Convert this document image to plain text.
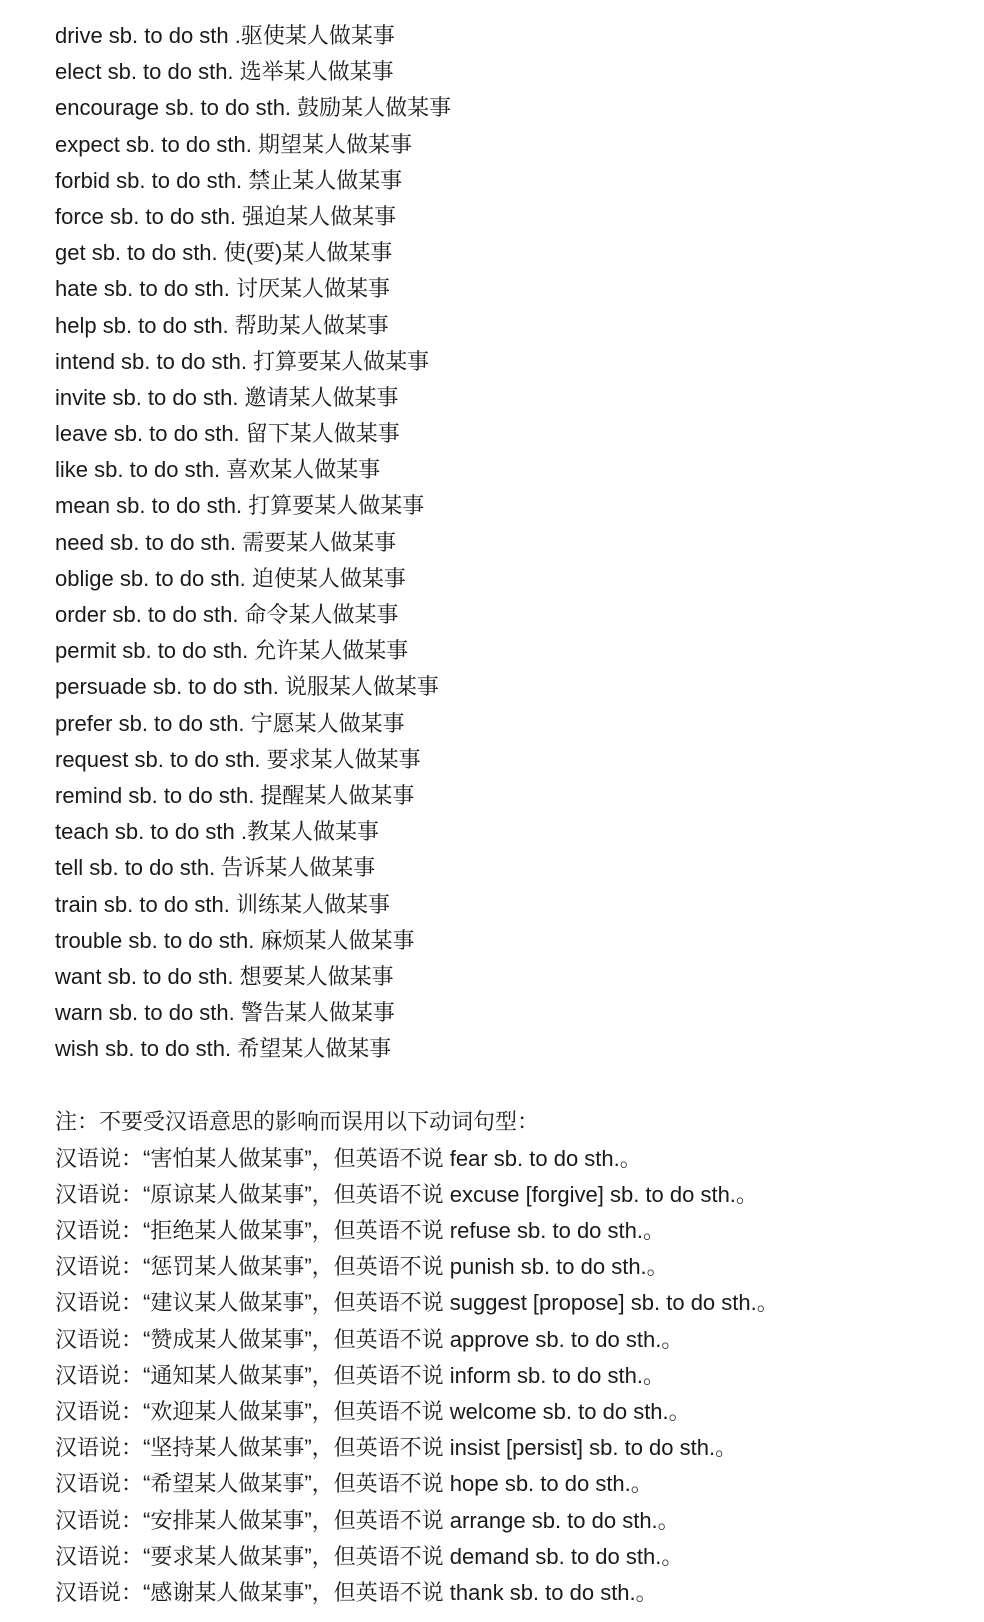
drive sb. to do sth .驱使某人做某事
elect sb. to do sth. 选举某人做某事
encourage sb. to do sth. 鼓励某人做某事
expect sb. to do sth. 期望某人做某事
forbid sb. to do sth. 禁止某人做某事
force sb. to do sth. 强迫某人做某事
get sb. to do sth. 使(要)某人做某事
hate sb. to do sth. 讨厌某人做某事
help sb. to do sth. 帮助某人做某事
intend sb. to do sth. 打算要某人做某事
invite sb. to do sth. 邀请某人做某事
leave sb. to do sth. 留下某人做某事
like sb. to do sth. 喜欢某人做某事
mean sb. to do sth. 打算要某人做某事
need sb. to do sth. 需要某人做某事
oblige sb. to do sth. 迫使某人做某事
order sb. to do sth. 命令某人做某事
permit sb. to do sth. 允许某人做某事
persuade sb. to do sth. 说服某人做某事
prefer sb. to do sth. 宁愿某人做某事
request sb. to do sth. 要求某人做某事
remind sb. to do sth. 提醒某人做某事
teach sb. to do sth .教某人做某事
tell sb. to do sth. 告诉某人做某事
train sb. to do sth. 训练某人做某事
trouble sb. to do sth. 麻烦某人做某事
want sb. to do sth. 想要某人做某事
warn sb. to do sth. 警告某人做某事
wish sb. to do sth. 希望某人做某事
注：不要受汉语意思的影响而误用以下动词句型：
汉语说：“害怕某人做某事”，但英语不说 fear sb. to do sth.。
汉语说：“原谅某人做某事”，但英语不说 excuse [forgive] sb. to do sth.。
汉语说：“拒绝某人做某事”，但英语不说 refuse sb. to do sth.。
汉语说：“惩罚某人做某事”，但英语不说 punish sb. to do sth.。
汉语说：“建议某人做某事”，但英语不说 suggest [propose] sb. to do sth.。
汉语说：“赞成某人做某事”，但英语不说 approve sb. to do sth.。
汉语说：“通知某人做某事”，但英语不说 inform sb. to do sth.。
汉语说：“欢迎某人做某事”，但英语不说 welcome sb. to do sth.。
汉语说：“坚持某人做某事”，但英语不说 insist [persist] sb. to do sth.。
汉语说：“希望某人做某事”，但英语不说 hope sb. to do sth.。
汉语说：“安排某人做某事”，但英语不说 arrange sb. to do sth.。
汉语说：“要求某人做某事”，但英语不说 demand sb. to do sth.。
汉语说：“感谢某人做某事”，但英语不说 thank sb. to do sth.。
